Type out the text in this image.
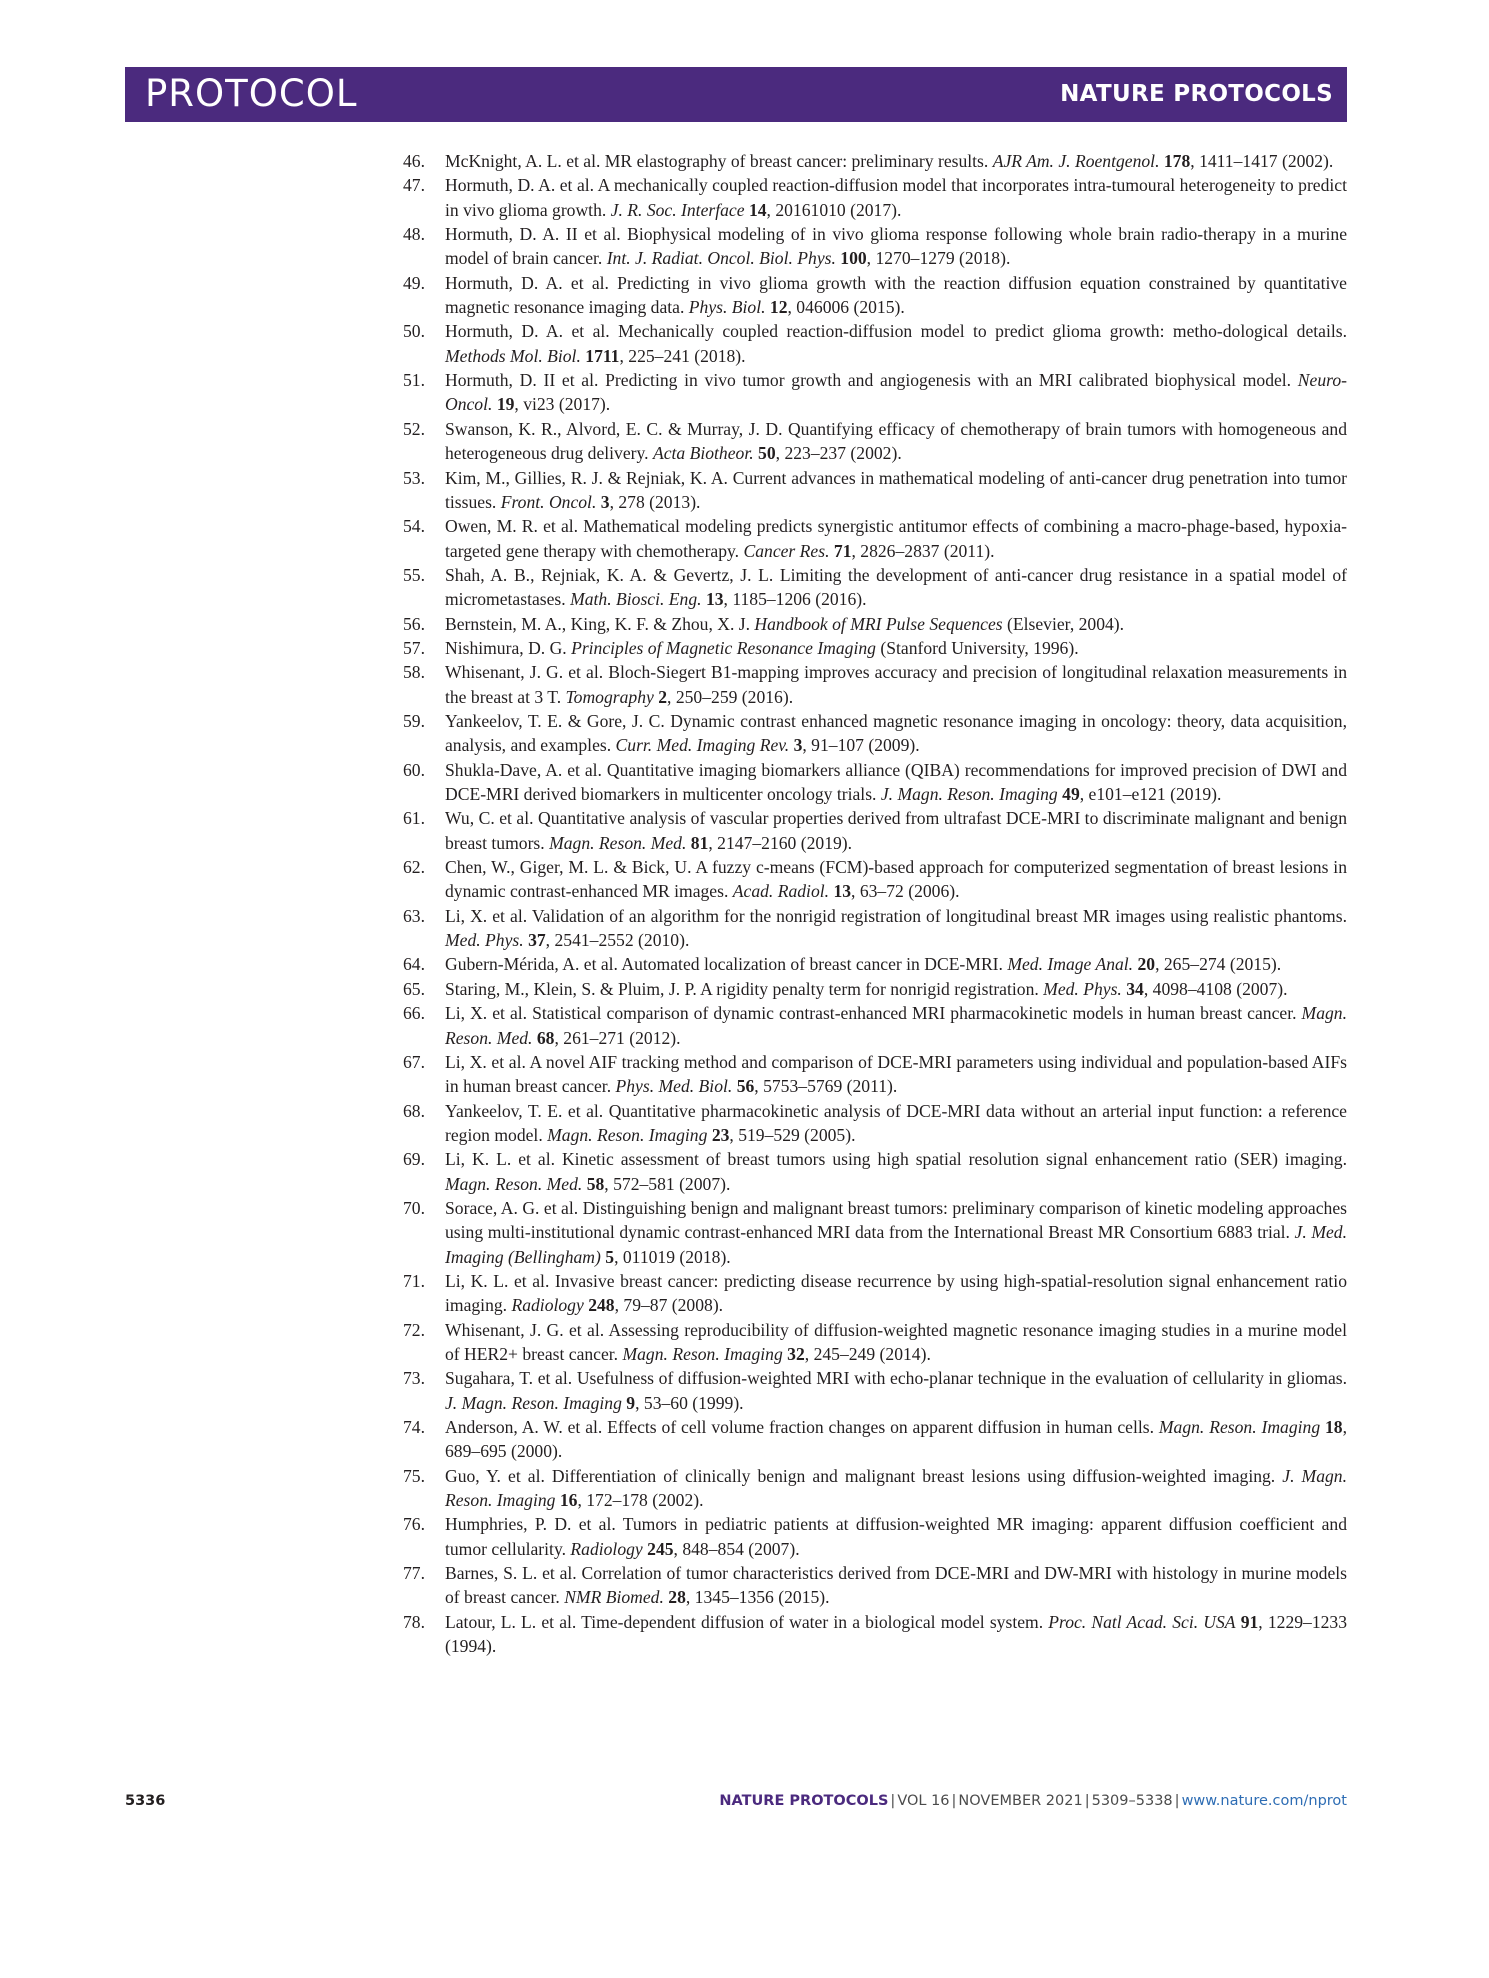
PROTOCOL	NATURE PROTOCOLS
46. McKnight, A. L. et al. MR elastography of breast cancer: preliminary results. AJR Am. J. Roentgenol. 178, 1411–1417 (2002).
47. Hormuth, D. A. et al. A mechanically coupled reaction-diffusion model that incorporates intra-tumoural heterogeneity to predict in vivo glioma growth. J. R. Soc. Interface 14, 20161010 (2017).
48. Hormuth, D. A. II et al. Biophysical modeling of in vivo glioma response following whole brain radio-therapy in a murine model of brain cancer. Int. J. Radiat. Oncol. Biol. Phys. 100, 1270–1279 (2018).
49. Hormuth, D. A. et al. Predicting in vivo glioma growth with the reaction diffusion equation constrained by quantitative magnetic resonance imaging data. Phys. Biol. 12, 046006 (2015).
50. Hormuth, D. A. et al. Mechanically coupled reaction-diffusion model to predict glioma growth: metho-dological details. Methods Mol. Biol. 1711, 225–241 (2018).
51. Hormuth, D. II et al. Predicting in vivo tumor growth and angiogenesis with an MRI calibrated biophysical model. Neuro-Oncol. 19, vi23 (2017).
52. Swanson, K. R., Alvord, E. C. & Murray, J. D. Quantifying efficacy of chemotherapy of brain tumors with homogeneous and heterogeneous drug delivery. Acta Biotheor. 50, 223–237 (2002).
53. Kim, M., Gillies, R. J. & Rejniak, K. A. Current advances in mathematical modeling of anti-cancer drug penetration into tumor tissues. Front. Oncol. 3, 278 (2013).
54. Owen, M. R. et al. Mathematical modeling predicts synergistic antitumor effects of combining a macro-phage-based, hypoxia-targeted gene therapy with chemotherapy. Cancer Res. 71, 2826–2837 (2011).
55. Shah, A. B., Rejniak, K. A. & Gevertz, J. L. Limiting the development of anti-cancer drug resistance in a spatial model of micrometastases. Math. Biosci. Eng. 13, 1185–1206 (2016).
56. Bernstein, M. A., King, K. F. & Zhou, X. J. Handbook of MRI Pulse Sequences (Elsevier, 2004).
57. Nishimura, D. G. Principles of Magnetic Resonance Imaging (Stanford University, 1996).
58. Whisenant, J. G. et al. Bloch-Siegert B1-mapping improves accuracy and precision of longitudinal relaxation measurements in the breast at 3 T. Tomography 2, 250–259 (2016).
59. Yankeelov, T. E. & Gore, J. C. Dynamic contrast enhanced magnetic resonance imaging in oncology: theory, data acquisition, analysis, and examples. Curr. Med. Imaging Rev. 3, 91–107 (2009).
60. Shukla-Dave, A. et al. Quantitative imaging biomarkers alliance (QIBA) recommendations for improved precision of DWI and DCE-MRI derived biomarkers in multicenter oncology trials. J. Magn. Reson. Imaging 49, e101–e121 (2019).
61. Wu, C. et al. Quantitative analysis of vascular properties derived from ultrafast DCE-MRI to discriminate malignant and benign breast tumors. Magn. Reson. Med. 81, 2147–2160 (2019).
62. Chen, W., Giger, M. L. & Bick, U. A fuzzy c-means (FCM)-based approach for computerized segmentation of breast lesions in dynamic contrast-enhanced MR images. Acad. Radiol. 13, 63–72 (2006).
63. Li, X. et al. Validation of an algorithm for the nonrigid registration of longitudinal breast MR images using realistic phantoms. Med. Phys. 37, 2541–2552 (2010).
64. Gubern-Mérida, A. et al. Automated localization of breast cancer in DCE-MRI. Med. Image Anal. 20, 265–274 (2015).
65. Staring, M., Klein, S. & Pluim, J. P. A rigidity penalty term for nonrigid registration. Med. Phys. 34, 4098–4108 (2007).
66. Li, X. et al. Statistical comparison of dynamic contrast-enhanced MRI pharmacokinetic models in human breast cancer. Magn. Reson. Med. 68, 261–271 (2012).
67. Li, X. et al. A novel AIF tracking method and comparison of DCE-MRI parameters using individual and population-based AIFs in human breast cancer. Phys. Med. Biol. 56, 5753–5769 (2011).
68. Yankeelov, T. E. et al. Quantitative pharmacokinetic analysis of DCE-MRI data without an arterial input function: a reference region model. Magn. Reson. Imaging 23, 519–529 (2005).
69. Li, K. L. et al. Kinetic assessment of breast tumors using high spatial resolution signal enhancement ratio (SER) imaging. Magn. Reson. Med. 58, 572–581 (2007).
70. Sorace, A. G. et al. Distinguishing benign and malignant breast tumors: preliminary comparison of kinetic modeling approaches using multi-institutional dynamic contrast-enhanced MRI data from the International Breast MR Consortium 6883 trial. J. Med. Imaging (Bellingham) 5, 011019 (2018).
71. Li, K. L. et al. Invasive breast cancer: predicting disease recurrence by using high-spatial-resolution signal enhancement ratio imaging. Radiology 248, 79–87 (2008).
72. Whisenant, J. G. et al. Assessing reproducibility of diffusion-weighted magnetic resonance imaging studies in a murine model of HER2+ breast cancer. Magn. Reson. Imaging 32, 245–249 (2014).
73. Sugahara, T. et al. Usefulness of diffusion-weighted MRI with echo-planar technique in the evaluation of cellularity in gliomas. J. Magn. Reson. Imaging 9, 53–60 (1999).
74. Anderson, A. W. et al. Effects of cell volume fraction changes on apparent diffusion in human cells. Magn. Reson. Imaging 18, 689–695 (2000).
75. Guo, Y. et al. Differentiation of clinically benign and malignant breast lesions using diffusion-weighted imaging. J. Magn. Reson. Imaging 16, 172–178 (2002).
76. Humphries, P. D. et al. Tumors in pediatric patients at diffusion-weighted MR imaging: apparent diffusion coefficient and tumor cellularity. Radiology 245, 848–854 (2007).
77. Barnes, S. L. et al. Correlation of tumor characteristics derived from DCE-MRI and DW-MRI with histology in murine models of breast cancer. NMR Biomed. 28, 1345–1356 (2015).
78. Latour, L. L. et al. Time-dependent diffusion of water in a biological model system. Proc. Natl Acad. Sci. USA 91, 1229–1233 (1994).
5336	NATURE PROTOCOLS | VOL 16 | NOVEMBER 2021 | 5309–5338 | www.nature.com/nprot
